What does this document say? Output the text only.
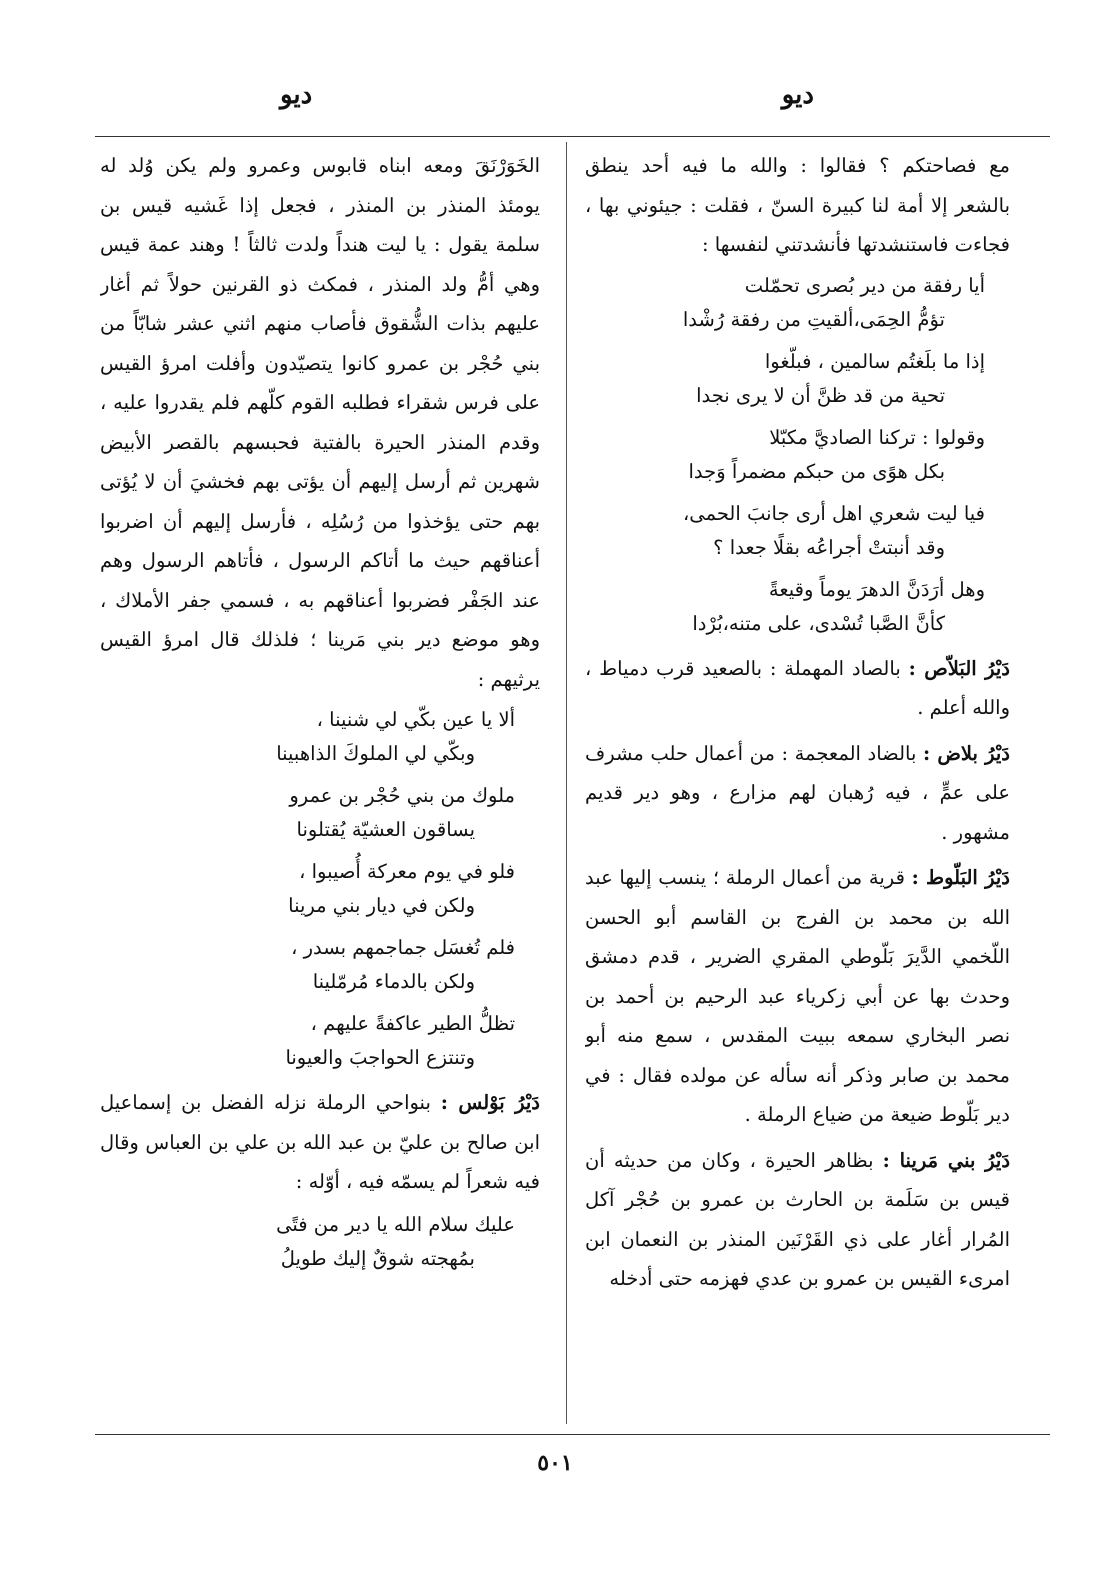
ديو
ديو

مع فصاحتكم ؟ فقالوا : والله ما فيه أحد ينطق بالشعر إلا أمة لنا كبيرة السنّ ، فقلت : جيئوني بها ، فجاءت فاستنشدتها فأنشدتني لنفسها :

أيا رفقة من دير بُصرى تحمّلت
تؤمُّ الحِمَى،ألقيتِ من رفقة رُشْدا
إذا ما بلَغتُم سالمين ، فبلّغوا
تحية من قد ظنَّ أن لا يرى نجدا
وقولوا : تركنا الصاديَّ مكبّلا
بكل هوًى من حبكم مضمراً وَجدا
فيا ليت شعري اهل أرى جانبَ الحمى،
وقد أنبتتْ أجراعُه بقلًا جعدا ؟
وهل أرَدَنَّ الدهرَ يوماً وقيعةً
كأنَّ الصَّبا تُسْدى، على متنه،بُرْدا

دَيْرُ البَلاّص : بالصاد المهملة : بالصعيد قرب دمياط ، والله أعلم .

دَيْرُ بلاض : بالضاد المعجمة : من أعمال حلب مشرف على عمٍّ ، فيه رُهبان لهم مزارع ، وهو دير قديم مشهور .

دَيْرُ البَلّوط : قرية من أعمال الرملة ؛ ينسب إليها عبد الله بن محمد بن الفرج بن القاسم أبو الحسن اللّخمي الدَّيرَ بَلّوطي المقري الضرير ، قدم دمشق وحدث بها عن أبي زكرياء عبد الرحيم بن أحمد بن نصر البخاري سمعه ببيت المقدس ، سمع منه أبو محمد بن صابر وذكر أنه سأله عن مولده فقال : في دير بَلّوط ضيعة من ضياع الرملة .

دَيْرُ بني مَرينا : بظاهر الحيرة ، وكان من حديثه أن قيس بن سَلَمة بن الحارث بن عمرو بن حُجْر آكل المُرار أغار على ذي القَرْنَين المنذر بن النعمان ابن امرىء القيس بن عمرو بن عدي فهزمه حتى أدخله

الخَوَرْنَقَ ومعه ابناه قابوس وعمرو ولم يكن وُلد له يومئذ المنذر بن المنذر ، فجعل إذا غَشيه قيس بن سلمة يقول : يا ليت هنداً ولدت ثالثاً ! وهند عمة قيس وهي أمُّ ولد المنذر ، فمكث ذو القرنين حولاً ثم أغار عليهم بذات الشُّقوق فأصاب منهم اثني عشر شابّاً من بني حُجْر بن عمرو كانوا يتصيّدون وأفلت امرؤ القيس على فرس شقراء فطلبه القوم كلّهم فلم يقدروا عليه ، وقدم المنذر الحيرة بالفتية فحبسهم بالقصر الأبيض شهرين ثم أرسل إليهم أن يؤتى بهم فخشيَ أن لا يُؤتى بهم حتى يؤخذوا من رُسُلِه ، فأرسل إليهم أن اضربوا أعناقهم حيث ما أتاكم الرسول ، فأتاهم الرسول وهم عند الجَفْر فضربوا أعناقهم به ، فسمي جفر الأملاك ، وهو موضع دير بني مَرينا ؛ فلذلك قال امرؤ القيس يرثيهم :

ألا يا عين بكّي لي شنينا ،
وبكّي لي الملوكَ الذاهبينا
ملوك من بني حُجْر بن عمرو
يساقون العشيّة يُقتلونا
فلو في يوم معركة أُصيبوا ،
ولكن في ديار بني مرينا
فلم تُغسَل جماجمهم بسدر ،
ولكن بالدماء مُرمّلينا
تظلُّ الطير عاكفةً عليهم ،
وتنتزع الحواجبَ والعيونا

دَيْرُ بَوْلس : بنواحي الرملة نزله الفضل بن إسماعيل ابن صالح بن عليّ بن عبد الله بن علي بن العباس وقال فيه شعراً لم يسمّه فيه ، أوّله :

عليك سلام الله يا دير من فتًى
بمُهجته شوقٌ إليك طويلُ
٥٠١
